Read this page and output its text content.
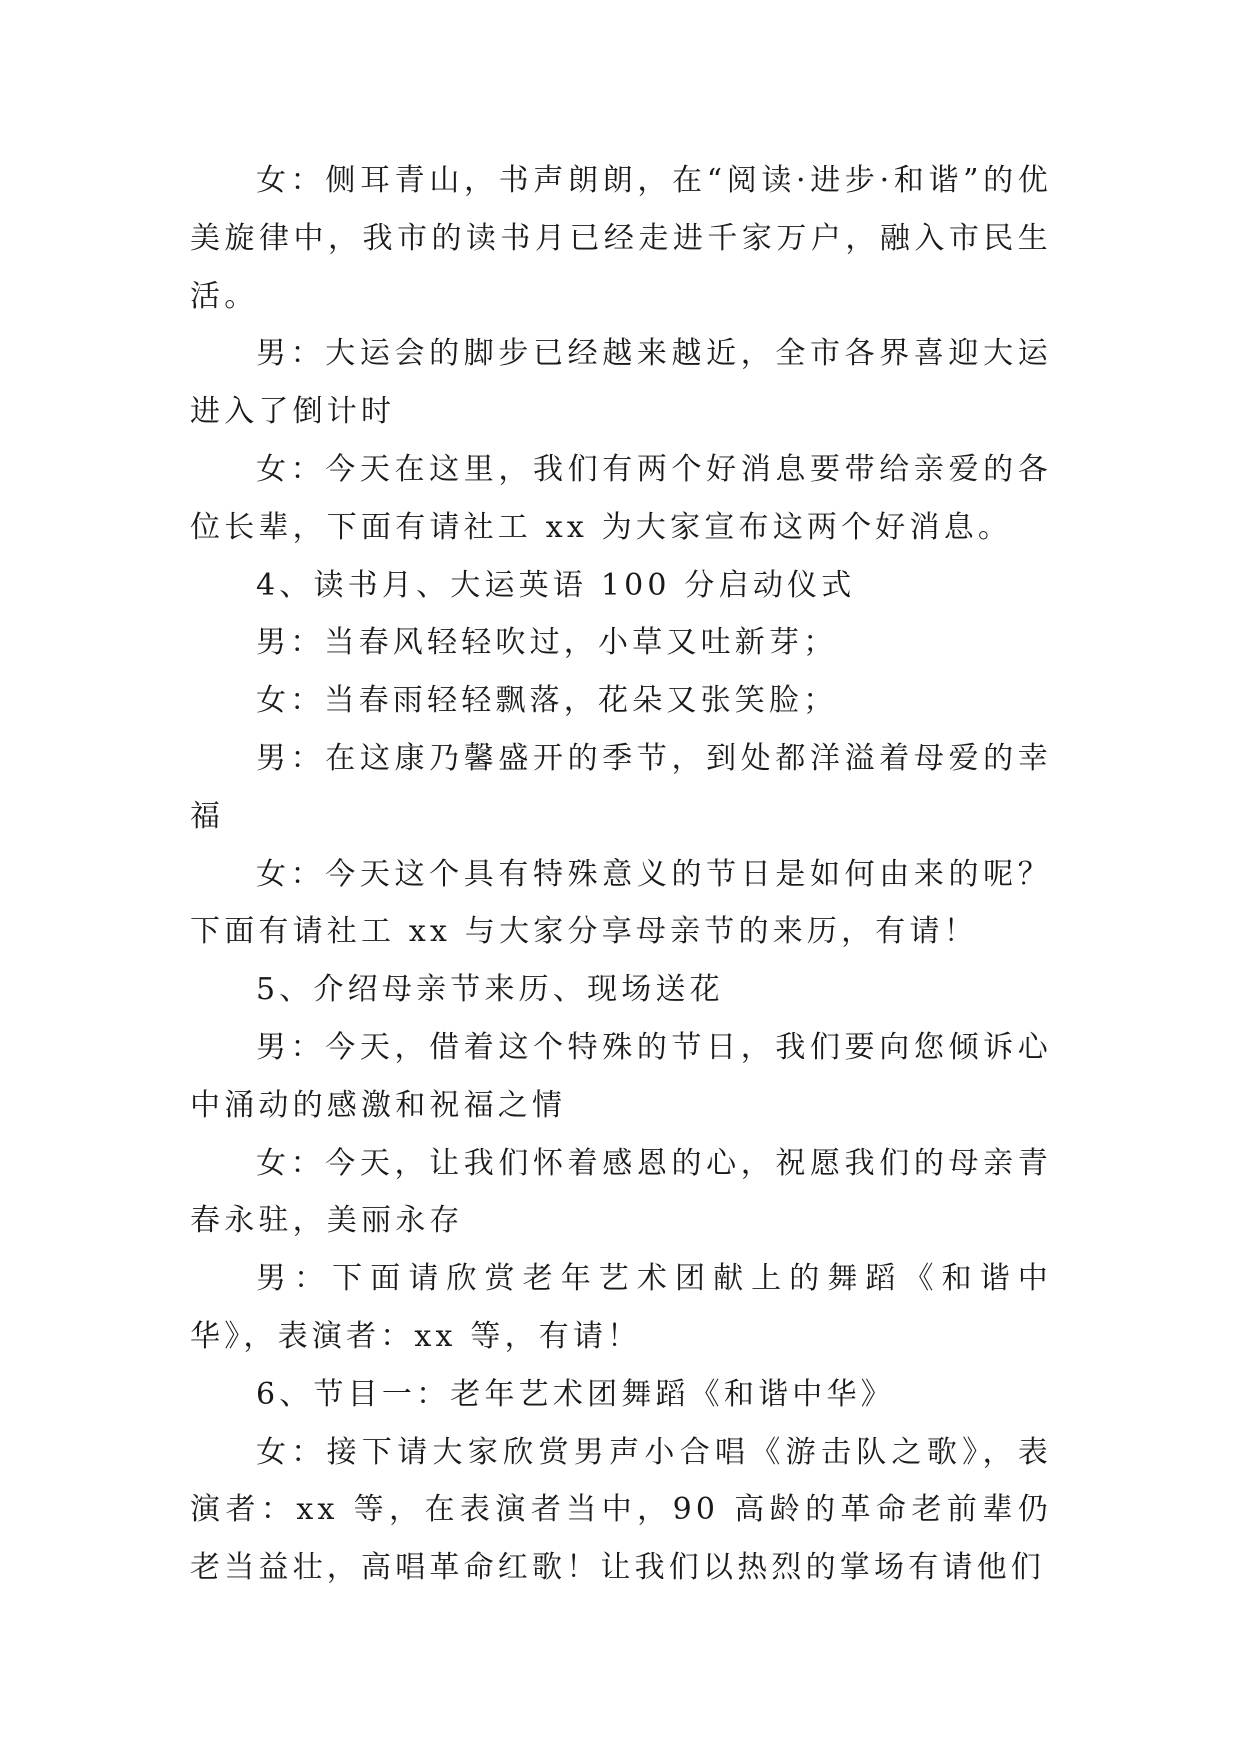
女：侧耳青山，书声朗朗，在“阅读·进步·和谐”的优美旋律中，我市的读书月已经走进千家万户，融入市民生活。

男：大运会的脚步已经越来越近，全市各界喜迎大运进入了倒计时

女：今天在这里，我们有两个好消息要带给亲爱的各位长辈，下面有请社工 xx 为大家宣布这两个好消息。

4、读书月、大运英语 100 分启动仪式

男：当春风轻轻吹过，小草又吐新芽；

女：当春雨轻轻飘落，花朵又张笑脸；

男：在这康乃馨盛开的季节，到处都洋溢着母爱的幸福

女：今天这个具有特殊意义的节日是如何由来的呢？下面有请社工 xx 与大家分享母亲节的来历，有请！

5、介绍母亲节来历、现场送花

男：今天，借着这个特殊的节日，我们要向您倾诉心中涌动的感激和祝福之情

女：今天，让我们怀着感恩的心，祝愿我们的母亲青春永驻，美丽永存

男：下面请欣赏老年艺术团献上的舞蹈《和谐中华》，表演者：xx 等，有请！

6、节目一：老年艺术团舞蹈《和谐中华》

女：接下请大家欣赏男声小合唱《游击队之歌》，表演者：xx 等，在表演者当中，90 高龄的革命老前辈仍老当益壮，高唱革命红歌！让我们以热烈的掌场有请他们
